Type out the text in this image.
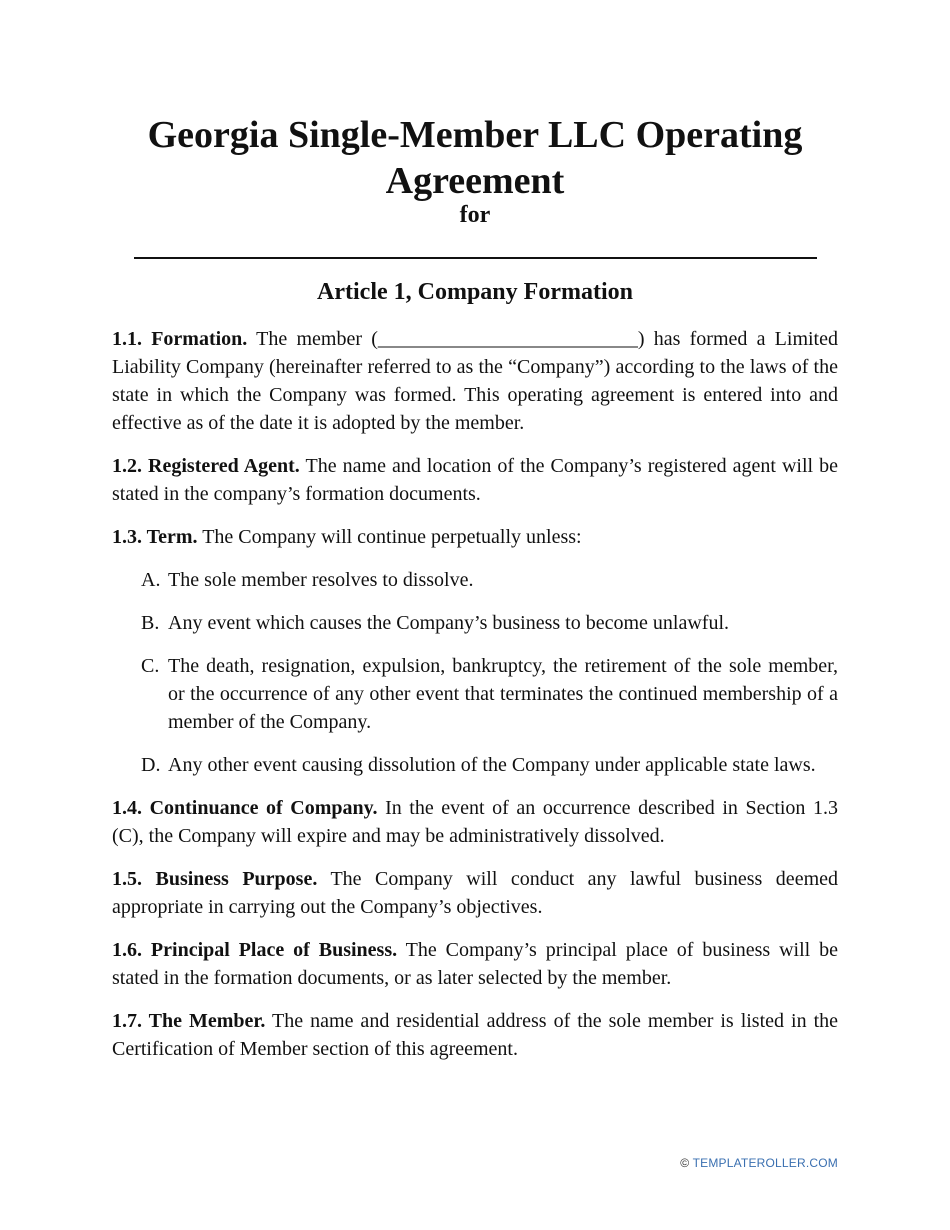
Georgia Single-Member LLC Operating Agreement
for
Article 1, Company Formation

1.1. Formation. The member (__________________________) has formed a Limited Liability Company (hereinafter referred to as the “Company”) according to the laws of the state in which the Company was formed. This operating agreement is entered into and effective as of the date it is adopted by the member.

1.2. Registered Agent. The name and location of the Company’s registered agent will be stated in the company’s formation documents.

1.3. Term. The Company will continue perpetually unless:

A. The sole member resolves to dissolve.
B. Any event which causes the Company’s business to become unlawful.
C. The death, resignation, expulsion, bankruptcy, the retirement of the sole member, or the occurrence of any other event that terminates the continued membership of a member of the Company.
D. Any other event causing dissolution of the Company under applicable state laws.

1.4. Continuance of Company. In the event of an occurrence described in Section 1.3 (C), the Company will expire and may be administratively dissolved.

1.5. Business Purpose. The Company will conduct any lawful business deemed appropriate in carrying out the Company’s objectives.

1.6. Principal Place of Business. The Company’s principal place of business will be stated in the formation documents, or as later selected by the member.

1.7. The Member. The name and residential address of the sole member is listed in the Certification of Member section of this agreement.

© TEMPLATEROLLER.COM
